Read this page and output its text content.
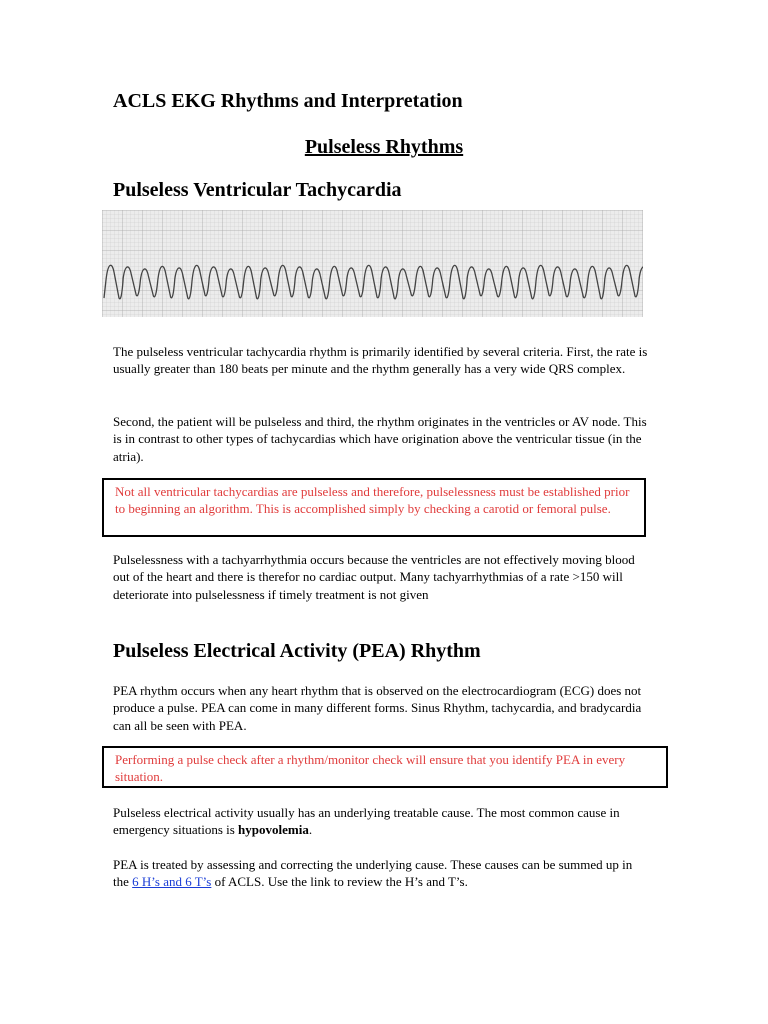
ACLS EKG Rhythms and Interpretation
Pulseless Rhythms
Pulseless Ventricular Tachycardia
The pulseless ventricular tachycardia rhythm is primarily identified by several criteria. First, the rate is usually greater than 180 beats per minute and the rhythm generally has a very wide QRS complex.
Second, the patient will be pulseless and third, the rhythm originates in the ventricles or AV node. This is in contrast to other types of tachycardias which have origination above the ventricular tissue (in the atria).
Not all ventricular tachycardias are pulseless and therefore, pulselessness must be established prior to beginning an algorithm. This is accomplished simply by checking a carotid or femoral pulse.
Pulselessness with a tachyarrhythmia occurs because the ventricles are not effectively moving blood out of the heart and there is therefor no cardiac output. Many tachyarrhythmias of a rate >150 will deteriorate into pulselessness if timely treatment is not given
Pulseless Electrical Activity (PEA) Rhythm
PEA rhythm occurs when any heart rhythm that is observed on the electrocardiogram (ECG) does not produce a pulse. PEA can come in many different forms. Sinus Rhythm, tachycardia, and bradycardia can all be seen with PEA.
Performing a pulse check after a rhythm/monitor check will ensure that you identify PEA in every situation.
Pulseless electrical activity usually has an underlying treatable cause. The most common cause in emergency situations is hypovolemia.
PEA is treated by assessing and correcting the underlying cause. These causes can be summed up in the 6 H’s and 6 T’s of ACLS. Use the link to review the H’s and T’s.
